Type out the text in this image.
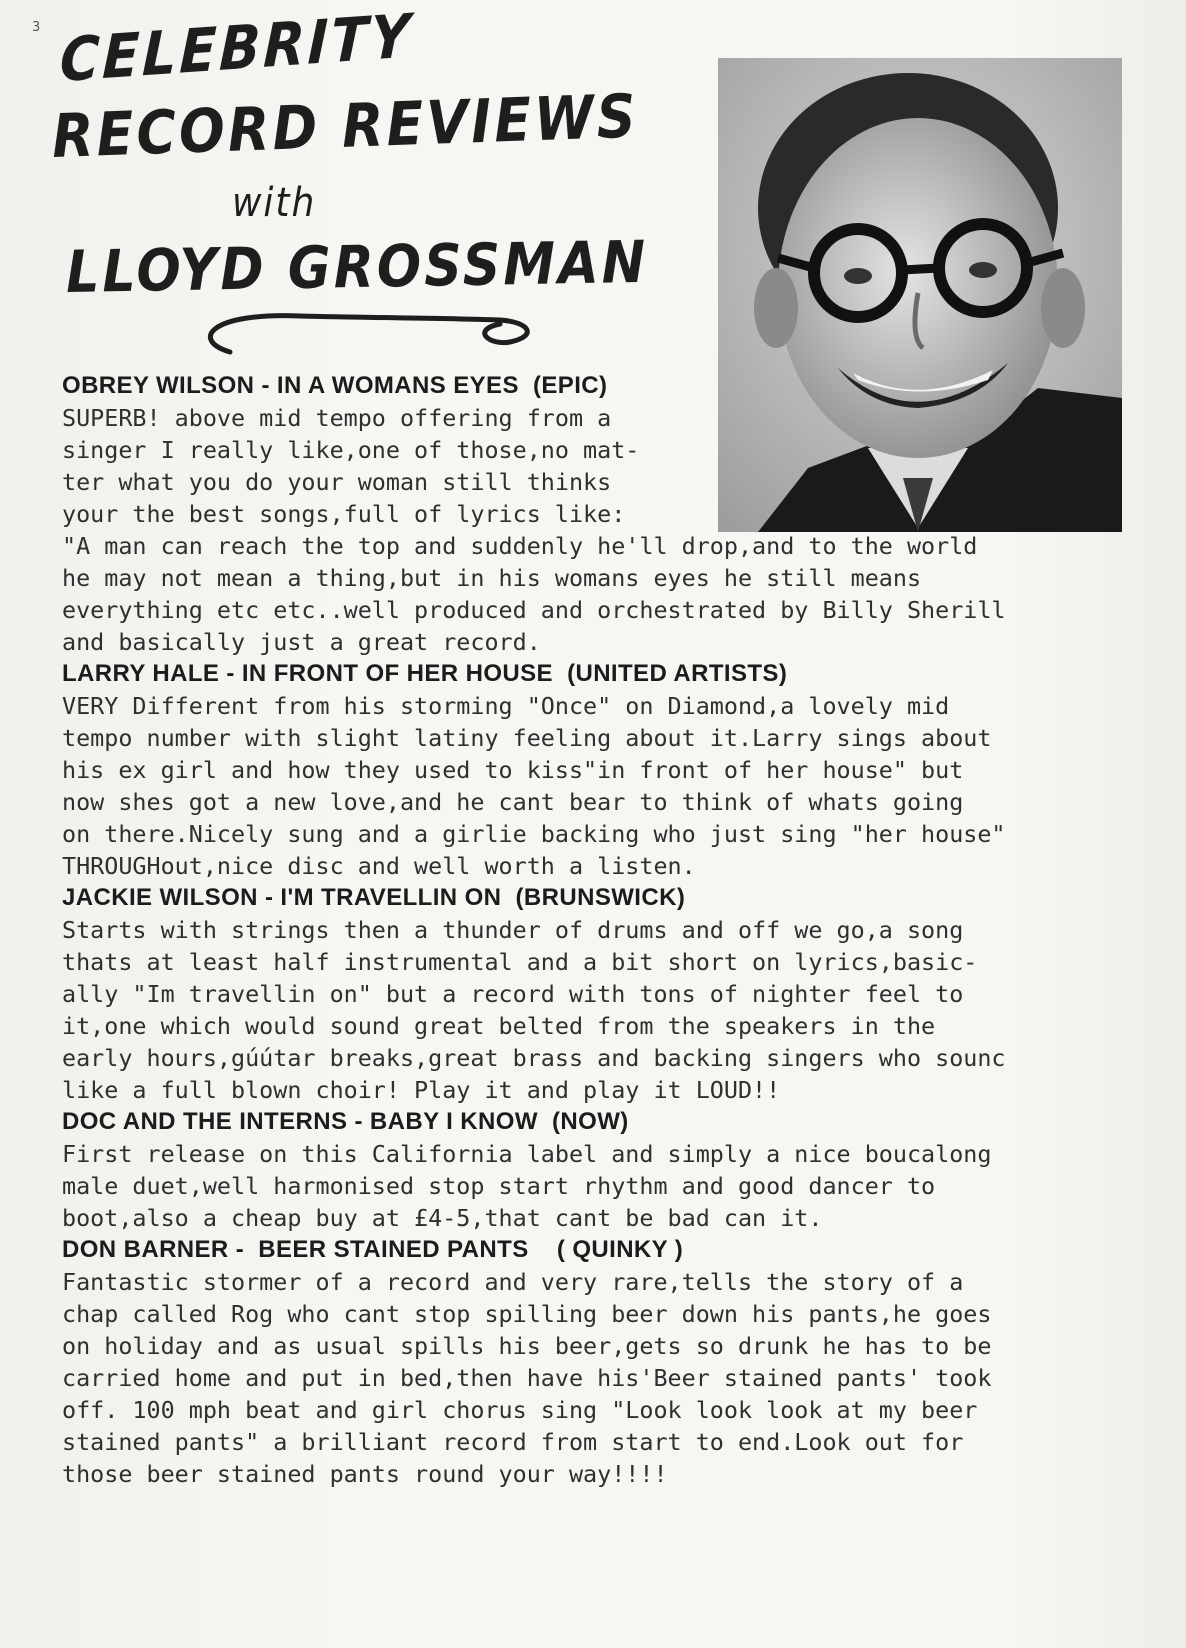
3 CELEBRITY
RECORD REVIEWS
with
LLOYD GROSSMAN
OBREY WILSON - IN A WOMANS EYES  (EPIC)
SUPERB! above mid tempo offering from a
singer I really like,one of those,no mat-
ter what you do your woman still thinks
your the best songs,full of lyrics like:
"A man can reach the top and suddenly he'll drop,and to the world
he may not mean a thing,but in his womans eyes he still means
everything etc etc..well produced and orchestrated by Billy Sherill
and basically just a great record.
LARRY HALE - IN FRONT OF HER HOUSE  (UNITED ARTISTS)
VERY Different from his storming "Once" on Diamond,a lovely mid
tempo number with slight latiny feeling about it.Larry sings about
his ex girl and how they used to kiss"in front of her house" but
now shes got a new love,and he cant bear to think of whats going
on there.Nicely sung and a girlie backing who just sing "her house"
THROUGHout,nice disc and well worth a listen.
JACKIE WILSON - I'M TRAVELLIN ON  (BRUNSWICK)
Starts with strings then a thunder of drums and off we go,a song
thats at least half instrumental and a bit short on lyrics,basic-
ally "Im travellin on" but a record with tons of nighter feel to
it,one which would sound great belted from the speakers in the
early hours,gúútar breaks,great brass and backing singers who sounc
like a full blown choir! Play it and play it LOUD!!
DOC AND THE INTERNS - BABY I KNOW  (NOW)
First release on this California label and simply a nice boucalong
male duet,well harmonised stop start rhythm and good dancer to
boot,also a cheap buy at £4-5,that cant be bad can it.
DON BARNER -  BEER STAINED PANTS    ( QUINKY )
Fantastic stormer of a record and very rare,tells the story of a
chap called Rog who cant stop spilling beer down his pants,he goes
on holiday and as usual spills his beer,gets so drunk he has to be
carried home and put in bed,then have his'Beer stained pants' took
off. 100 mph beat and girl chorus sing "Look look look at my beer
stained pants" a brilliant record from start to end.Look out for
those beer stained pants round your way!!!!
